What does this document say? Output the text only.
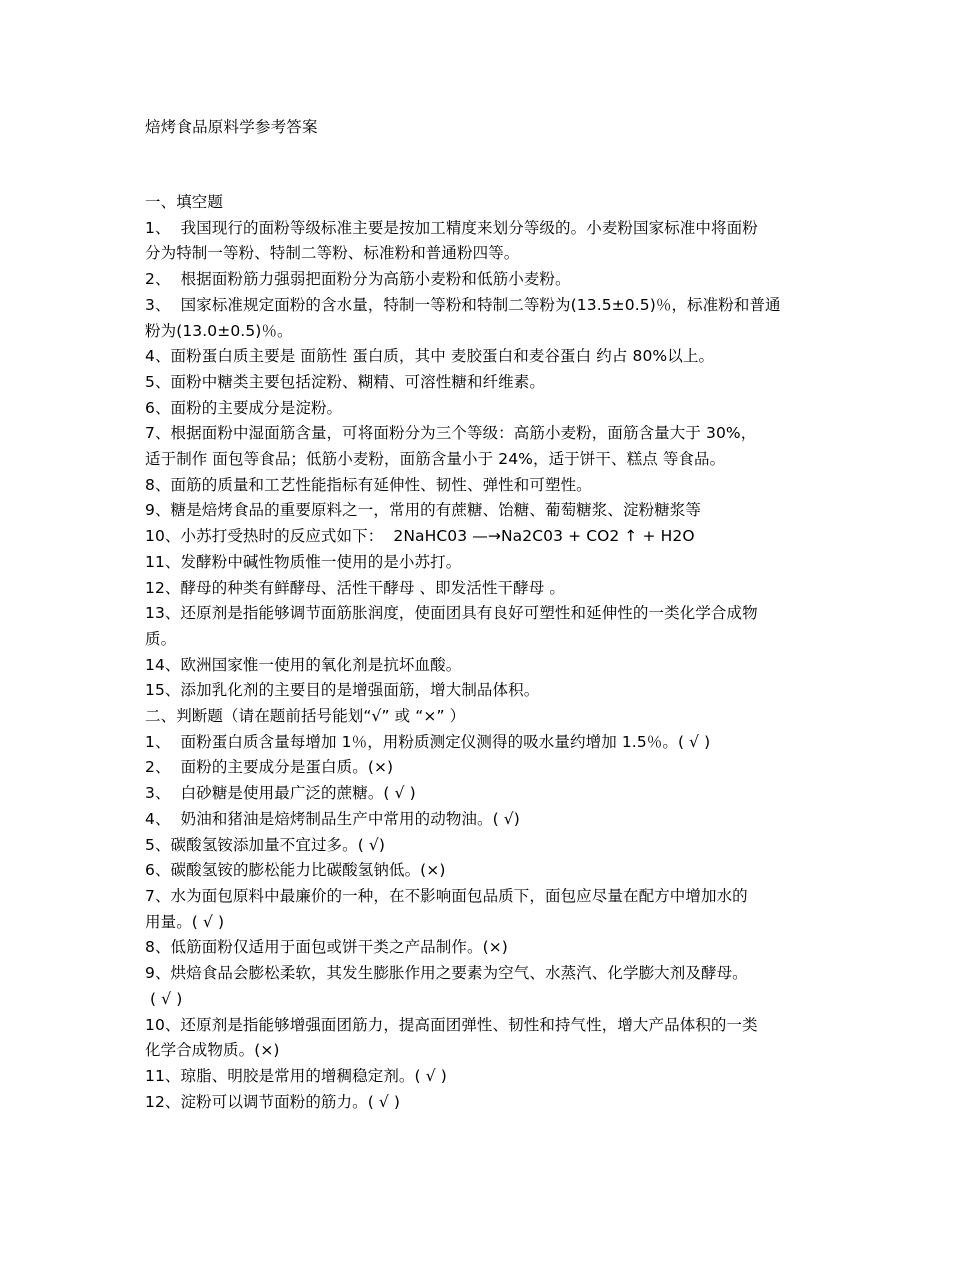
焙烤食品原料学参考答案
一、填空题
1、  我国现行的面粉等级标准主要是按加工精度来划分等级的。小麦粉国家标准中将面粉
分为特制一等粉、特制二等粉、标准粉和普通粉四等。
2、  根据面粉筋力强弱把面粉分为高筋小麦粉和低筋小麦粉。
3、  国家标准规定面粉的含水量，特制一等粉和特制二等粉为(13.5±0.5)％，标准粉和普通
粉为(13.0±0.5)％。
4、面粉蛋白质主要是 面筋性 蛋白质，其中 麦胶蛋白和麦谷蛋白 约占 80%以上。
5、面粉中糖类主要包括淀粉、糊精、可溶性糖和纤维素。
6、面粉的主要成分是淀粉。
7、根据面粉中湿面筋含量，可将面粉分为三个等级：高筋小麦粉，面筋含量大于 30%，
适于制作 面包等食品；低筋小麦粉，面筋含量小于 24%，适于饼干、糕点 等食品。
8、面筋的质量和工艺性能指标有延伸性、韧性、弹性和可塑性。
9、糖是焙烤食品的重要原料之一，常用的有蔗糖、饴糖、葡萄糖浆、淀粉糖浆等
10、小苏打受热时的反应式如下：  2NaHC03 —→Na2C03 + CO2 ↑ + H2O
11、发酵粉中碱性物质惟一使用的是小苏打。
12、酵母的种类有鲜酵母、活性干酵母 、即发活性干酵母 。
13、还原剂是指能够调节面筋胀润度，使面团具有良好可塑性和延伸性的一类化学合成物
质。
14、欧洲国家惟一使用的氧化剂是抗坏血酸。
15、添加乳化剂的主要目的是增强面筋，增大制品体积。
二、判断题（请在题前括号能划“√” 或 “×” ）
1、  面粉蛋白质含量每增加 1％，用粉质测定仪测得的吸水量约增加 1.5％。( √ )
2、  面粉的主要成分是蛋白质。(×)
3、  白砂糖是使用最广泛的蔗糖。( √ )
4、  奶油和猪油是焙烤制品生产中常用的动物油。( √)
5、碳酸氢铵添加量不宜过多。( √)
6、碳酸氢铵的膨松能力比碳酸氢钠低。(×)
7、水为面包原料中最廉价的一种，在不影响面包品质下，面包应尽量在配方中增加水的
用量。( √ )
8、低筋面粉仅适用于面包或饼干类之产品制作。(×)
9、烘焙食品会膨松柔软，其发生膨胀作用之要素为空气、水蒸汽、化学膨大剂及酵母。
( √ )
10、还原剂是指能够增强面团筋力，提高面团弹性、韧性和持气性，增大产品体积的一类
化学合成物质。(×)
11、琼脂、明胶是常用的增稠稳定剂。( √ )
12、淀粉可以调节面粉的筋力。( √ )
